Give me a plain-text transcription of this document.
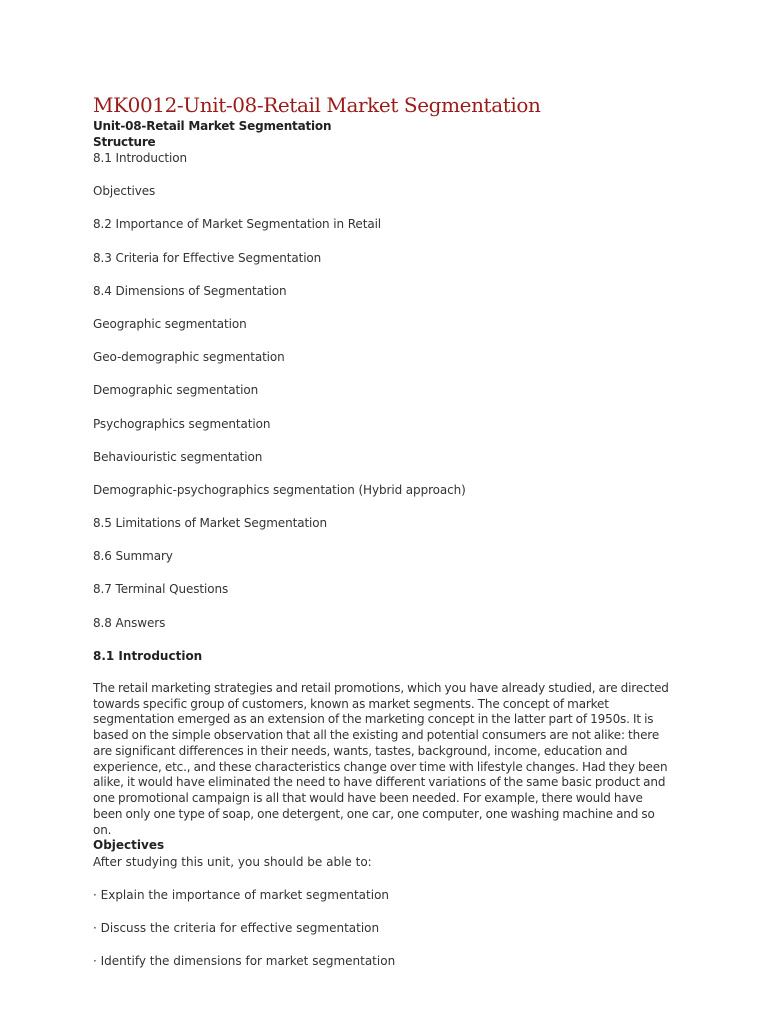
MK0012-Unit-08-Retail Market Segmentation
Unit-08-Retail Market Segmentation
Structure
8.1 Introduction
Objectives
8.2 Importance of Market Segmentation in Retail
8.3 Criteria for Effective Segmentation
8.4 Dimensions of Segmentation
Geographic segmentation
Geo-demographic segmentation
Demographic segmentation
Psychographics segmentation
Behaviouristic segmentation
Demographic-psychographics segmentation (Hybrid approach)
8.5 Limitations of Market Segmentation
8.6 Summary
8.7 Terminal Questions
8.8 Answers
8.1 Introduction

The retail marketing strategies and retail promotions, which you have already studied, are directed towards specific group of customers, known as market segments. The concept of market segmentation emerged as an extension of the marketing concept in the latter part of 1950s. It is based on the simple observation that all the existing and potential consumers are not alike: there are significant differences in their needs, wants, tastes, background, income, education and experience, etc., and these characteristics change over time with lifestyle changes. Had they been alike, it would have eliminated the need to have different variations of the same basic product and one promotional campaign is all that would have been needed. For example, there would have been only one type of soap, one detergent, one car, one computer, one washing machine and so on.

Objectives
After studying this unit, you should be able to:
· Explain the importance of market segmentation
· Discuss the criteria for effective segmentation
· Identify the dimensions for market segmentation
